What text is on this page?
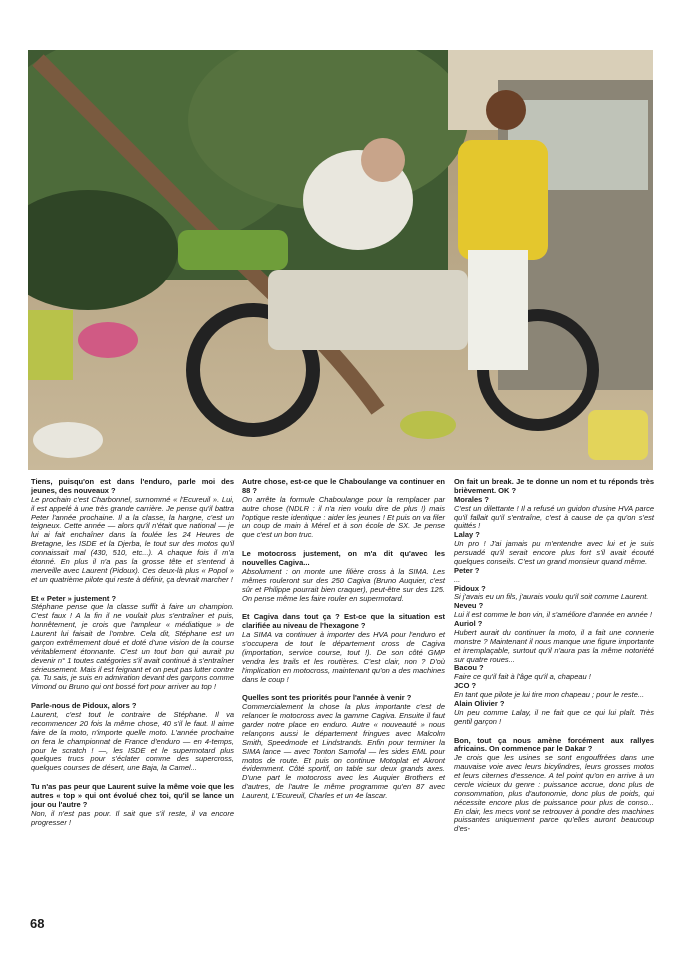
Tiens, puisqu'on est dans l'enduro, parle moi des jeunes, des nouveaux ?
Le prochain c'est Charbonnel, surnommé « l'Ecureuil ». Lui, il est appelé à une très grande carrière. Je pense qu'il battra Peter l'année prochaine. Il a la classe, la hargne, c'est un teigneux. Cette année — alors qu'il n'était que national — je lui ai fait enchaîner dans la foulée les 24 Heures de Bretagne, les ISDE et la Djerba, le tout sur des motos qu'il connaissait mal (430, 510, etc...). A chaque fois il m'a étonné. En plus il n'a pas la grosse tête et s'entend à merveille avec Laurent (Pidoux). Ces deux-là plus « Popol » et un quatrième pilote qui reste à définir, ça devrait marcher !
Et « Peter » justement ?
Stéphane pense que la classe suffit à faire un champion. C'est faux ! A la fin il ne voulait plus s'entraîner et puis, honnêtement, je crois que l'ampleur « médiatique » de Laurent lui faisait de l'ombre. Cela dit, Stéphane est un garçon extrêmement doué et doté d'une vision de la course véritablement étonnante. C'est un tout bon qui aurait pu devenir n° 1 toutes catégories s'il avait continué à s'entraîner sérieusement. Mais il est feignant et on peut pas lutter contre ça. Tu sais, je suis en admiration devant des garçons comme Vimond ou Bruno qui ont bossé fort pour arriver au top !
Parle-nous de Pidoux, alors ?
Laurent, c'est tout le contraire de Stéphane. Il va recommencer 20 fois la même chose, 40 s'il le faut. Il aime faire de la moto, n'importe quelle moto. L'année prochaine on fera le championnat de France d'enduro — en 4-temps, pour le scratch ! —, les ISDE et le supermotard plus quelques trucs pour s'éclater comme des supercross, quelques courses de désert, une Baja, la Camel...
Tu n'as pas peur que Laurent suive la même voie que les autres « top » qui ont évolué chez toi, qu'il se lance un jour ou l'autre ?
Non, il n'est pas pour. Il sait que s'il reste, il va encore progresser !
Autre chose, est-ce que le Chaboulange va continuer en 88 ?
On arrête la formule Chaboulange pour la remplacer par autre chose (NDLR : il n'a rien voulu dire de plus !) mais l'optique reste identique : aider les jeunes ! Et puis on va filer un coup de main à Mérel et à son école de SX. Je pense que c'est un bon truc.
Le motocross justement, on m'a dit qu'avec les nouvelles Cagiva...
Absolument : on monte une filière cross à la SIMA. Les mêmes rouleront sur des 250 Cagiva (Bruno Auquier, c'est sûr et Philippe pourrait bien craquer), peut-être sur des 125. On pense même les faire rouler en supermotard.
Et Cagiva dans tout ça ? Est-ce que la situation est clarifiée au niveau de l'hexagone ?
La SIMA va continuer à importer des HVA pour l'enduro et s'occupera de tout le département cross de Cagiva (importation, service course, tout !). De son côté GMP vendra les trails et les routières. C'est clair, non ? D'où l'implication en motocross, maintenant qu'on a des machines dans le coup !
Quelles sont tes priorités pour l'année à venir ?
Commercialement la chose la plus importante c'est de relancer le motocross avec la gamme Cagiva. Ensuite il faut garder notre place en enduro. Autre « nouveauté » nous relançons aussi le département fringues avec Malcolm Smith, Speedmode et Lindstrands. Enfin pour terminer la SIMA lance — avec Tonton Samofal — les sides EML pour motos de route. Et puis on continue Motoplat et Akront évidemment. Côté sportif, on table sur deux grands axes. D'une part le motocross avec les Auquier Brothers et d'autres, de l'autre le même programme qu'en 87 avec Laurent, L'Ecureuil, Charles et un 4e lascar.
On fait un break. Je te donne un nom et tu réponds très brièvement. OK ?
Morales ?
C'est un dilettante ! Il a refusé un guidon d'usine HVA parce qu'il fallait qu'il s'entraîne, c'est à cause de ça qu'on s'est quittés !
Lalay ?
Un pro ! J'ai jamais pu m'entendre avec lui et je suis persuadé qu'il serait encore plus fort s'il avait écouté quelques conseils. C'est un grand monsieur quand même.
Peter ?
...
Pidoux ?
Si j'avais eu un fils, j'aurais voulu qu'il soit comme Laurent.
Neveu ?
Lui il est comme le bon vin, il s'améliore d'année en année !
Auriol ?
Hubert aurait du continuer la moto, il a fait une connerie monstre ? Maintenant il nous manque une figure importante et irremplaçable, surtout qu'il n'aura pas la même notoriété sur quatre roues...
Bacou ?
Faire ce qu'il fait à l'âge qu'il a, chapeau !
JCO ?
En tant que pilote je lui tire mon chapeau ; pour le reste...
Alain Olivier ?
Un peu comme Lalay, il ne fait que ce qui lui plaît. Très gentil garçon !
Bon, tout ça nous amène forcément aux rallyes africains. On commence par le Dakar ?
Je crois que les usines se sont engouffrées dans une mauvaise voie avec leurs bicylindres, leurs grosses motos et leurs citernes d'essence. A tel point qu'on en arrive à un cercle vicieux du genre : puissance accrue, donc plus de consommation, plus d'autonomie, donc plus de poids, qui nécessite encore plus de puissance pour plus de conso... En clair, les mecs vont se retrouver à pondre des machines puissantes uniquement parce qu'elles auront beaucoup d'es-
68
